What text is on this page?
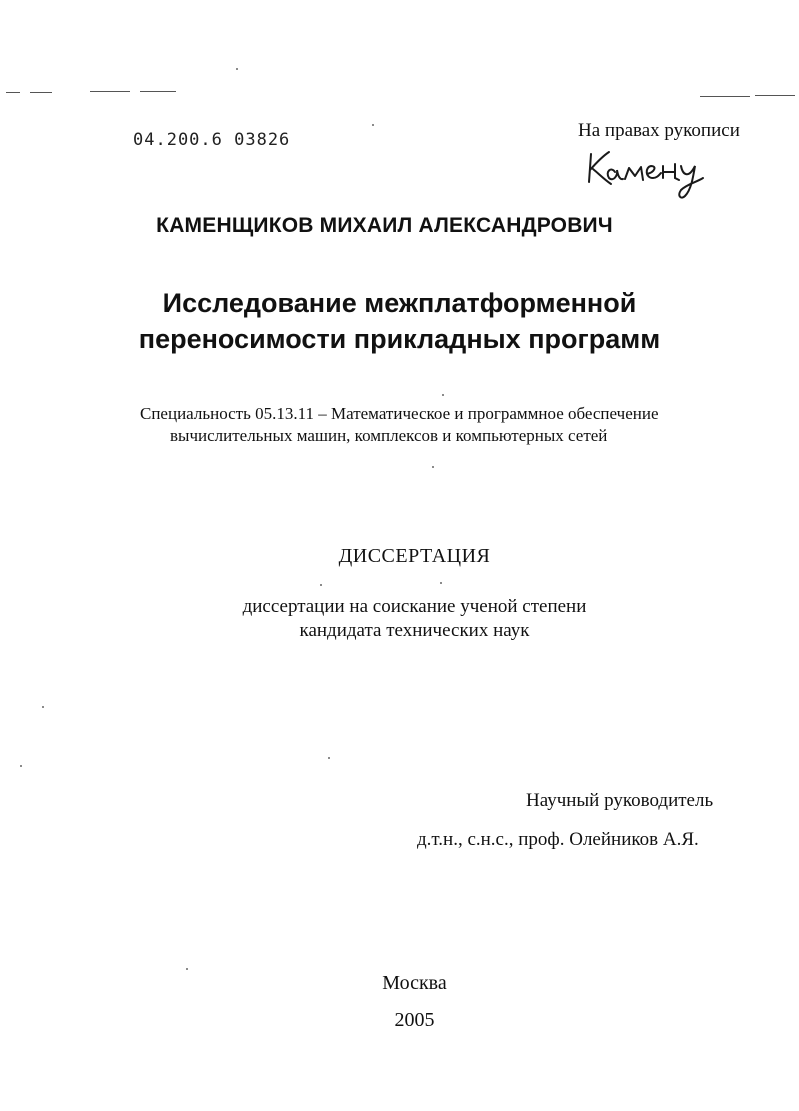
04.200.6 03826	На правах рукописи
КАМЕНЩИКОВ МИХАИЛ АЛЕКСАНДРОВИЧ
Исследование межплатформенной
переносимости прикладных программ
Специальность 05.13.11 – Математическое и программное обеспечение
вычислительных машин, комплексов и компьютерных сетей
ДИССЕРТАЦИЯ
диссертации на соискание ученой степени
кандидата технических наук
Научный руководитель
д.т.н., с.н.с., проф. Олейников А.Я.
Москва
2005
